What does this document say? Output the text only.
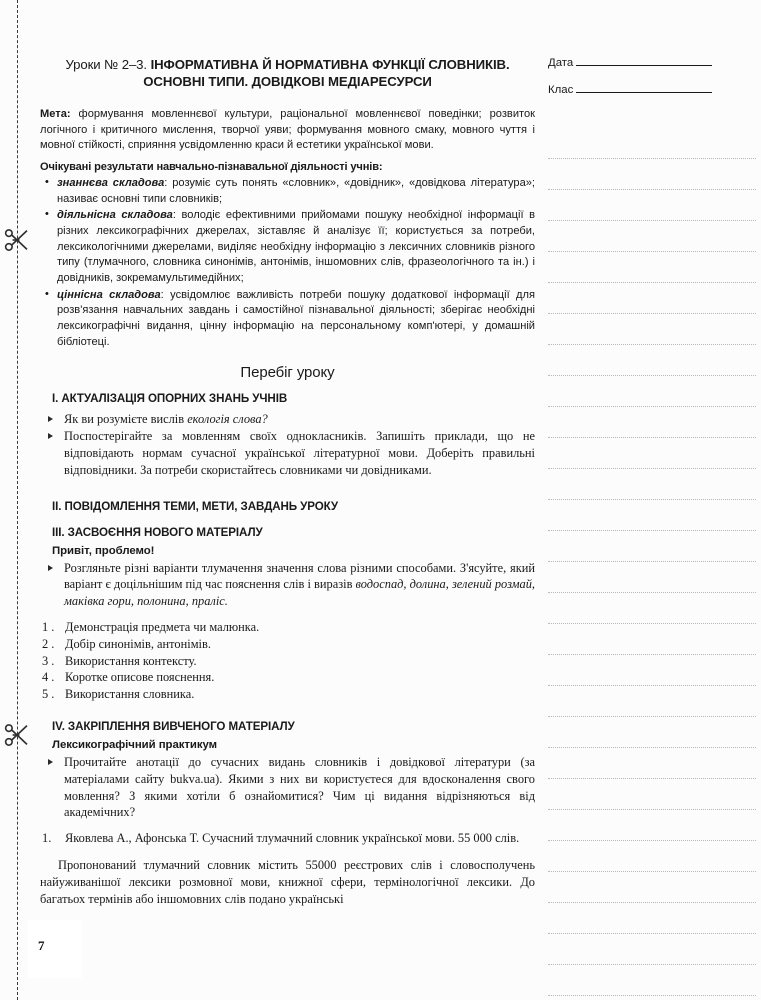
Уроки № 2–3. ІНФОРМАТИВНА Й НОРМАТИВНА ФУНКЦІЇ СЛОВНИКІВ. ОСНОВНІ ТИПИ. ДОВІДКОВІ МЕДІАРЕСУРСИ

Мета: формування мовленнєвої культури, раціональної мовленнєвої поведінки; розвиток логічного і критичного мислення, творчої уяви; формування мовного смаку, мовного чуття і мовної стійкості, сприяння усвідомленню краси й естетики української мови.

Очікувані результати навчально-пізнавальної діяльності учнів:
• знаннєва складова: розуміє суть понять «словник», «довідник», «довідкова література»; називає основні типи словників;
• діяльнісна складова: володіє ефективними прийомами пошуку необхідної інформації в різних лексикографічних джерелах, зіставляє й аналізує її; користується за потреби, лексикологічними джерелами, виділяє необхідну інформацію з лексичних словників різного типу (тлумачного, словника синонімів, антонімів, іншомовних слів, фразеологічного та ін.) і довідників, зокремамультимедійних;
• ціннісна складова: усвідомлює важливість потреби пошуку додаткової інформації для розв'язання навчальних завдань і самостійної пізнавальної діяльності; зберігає необхідні лексикографічні видання, цінну інформацію на персональному комп'ютері, у домашній бібліотеці.
Перебіг уроку
I. АКТУАЛІЗАЦІЯ ОПОРНИХ ЗНАНЬ УЧНІВ
Як ви розумієте вислів екологія слова?
Поспостерігайте за мовленням своїх однокласників. Запишіть приклади, що не відповідають нормам сучасної української літературної мови. Доберіть правильні відповідники. За потреби скористайтесь словниками чи довідниками.
II. ПОВІДОМЛЕННЯ ТЕМИ, МЕТИ, ЗАВДАНЬ УРОКУ
III. ЗАСВОЄННЯ НОВОГО МАТЕРІАЛУ
Привіт, проблемо!
Розгляньте різні варіанти тлумачення значення слова різними способами. З'ясуйте, який варіант є доцільнішим під час пояснення слів і виразів водоспад, долина, зелений розмай, маківка гори, полонина, праліс.
Демонстрація предмета чи малюнка.
Добір синонімів, антонімів.
Використання контексту.
Коротке описове пояснення.
Використання словника.
IV. ЗАКРІПЛЕННЯ ВИВЧЕНОГО МАТЕРІАЛУ
Лексикографічний практикум
Прочитайте анотації до сучасних видань словників і довідкової літератури (за матеріалами сайту bukva.ua). Якими з них ви користуєтеся для вдосконалення свого мовлення? З якими хотіли б ознайомитися? Чим ці видання відрізняються від академічних?
Яковлева А., Афонська Т. Сучасний тлумачний словник української мови. 55 000 слів.

Пропонований тлумачний словник містить 55000 реєстрових слів і словосполучень найуживанішої лексики розмовної мови, книжної сфери, термінологічної лексики. До багатьох термінів або іншомовних слів подано українські

Дата
Клас
7
